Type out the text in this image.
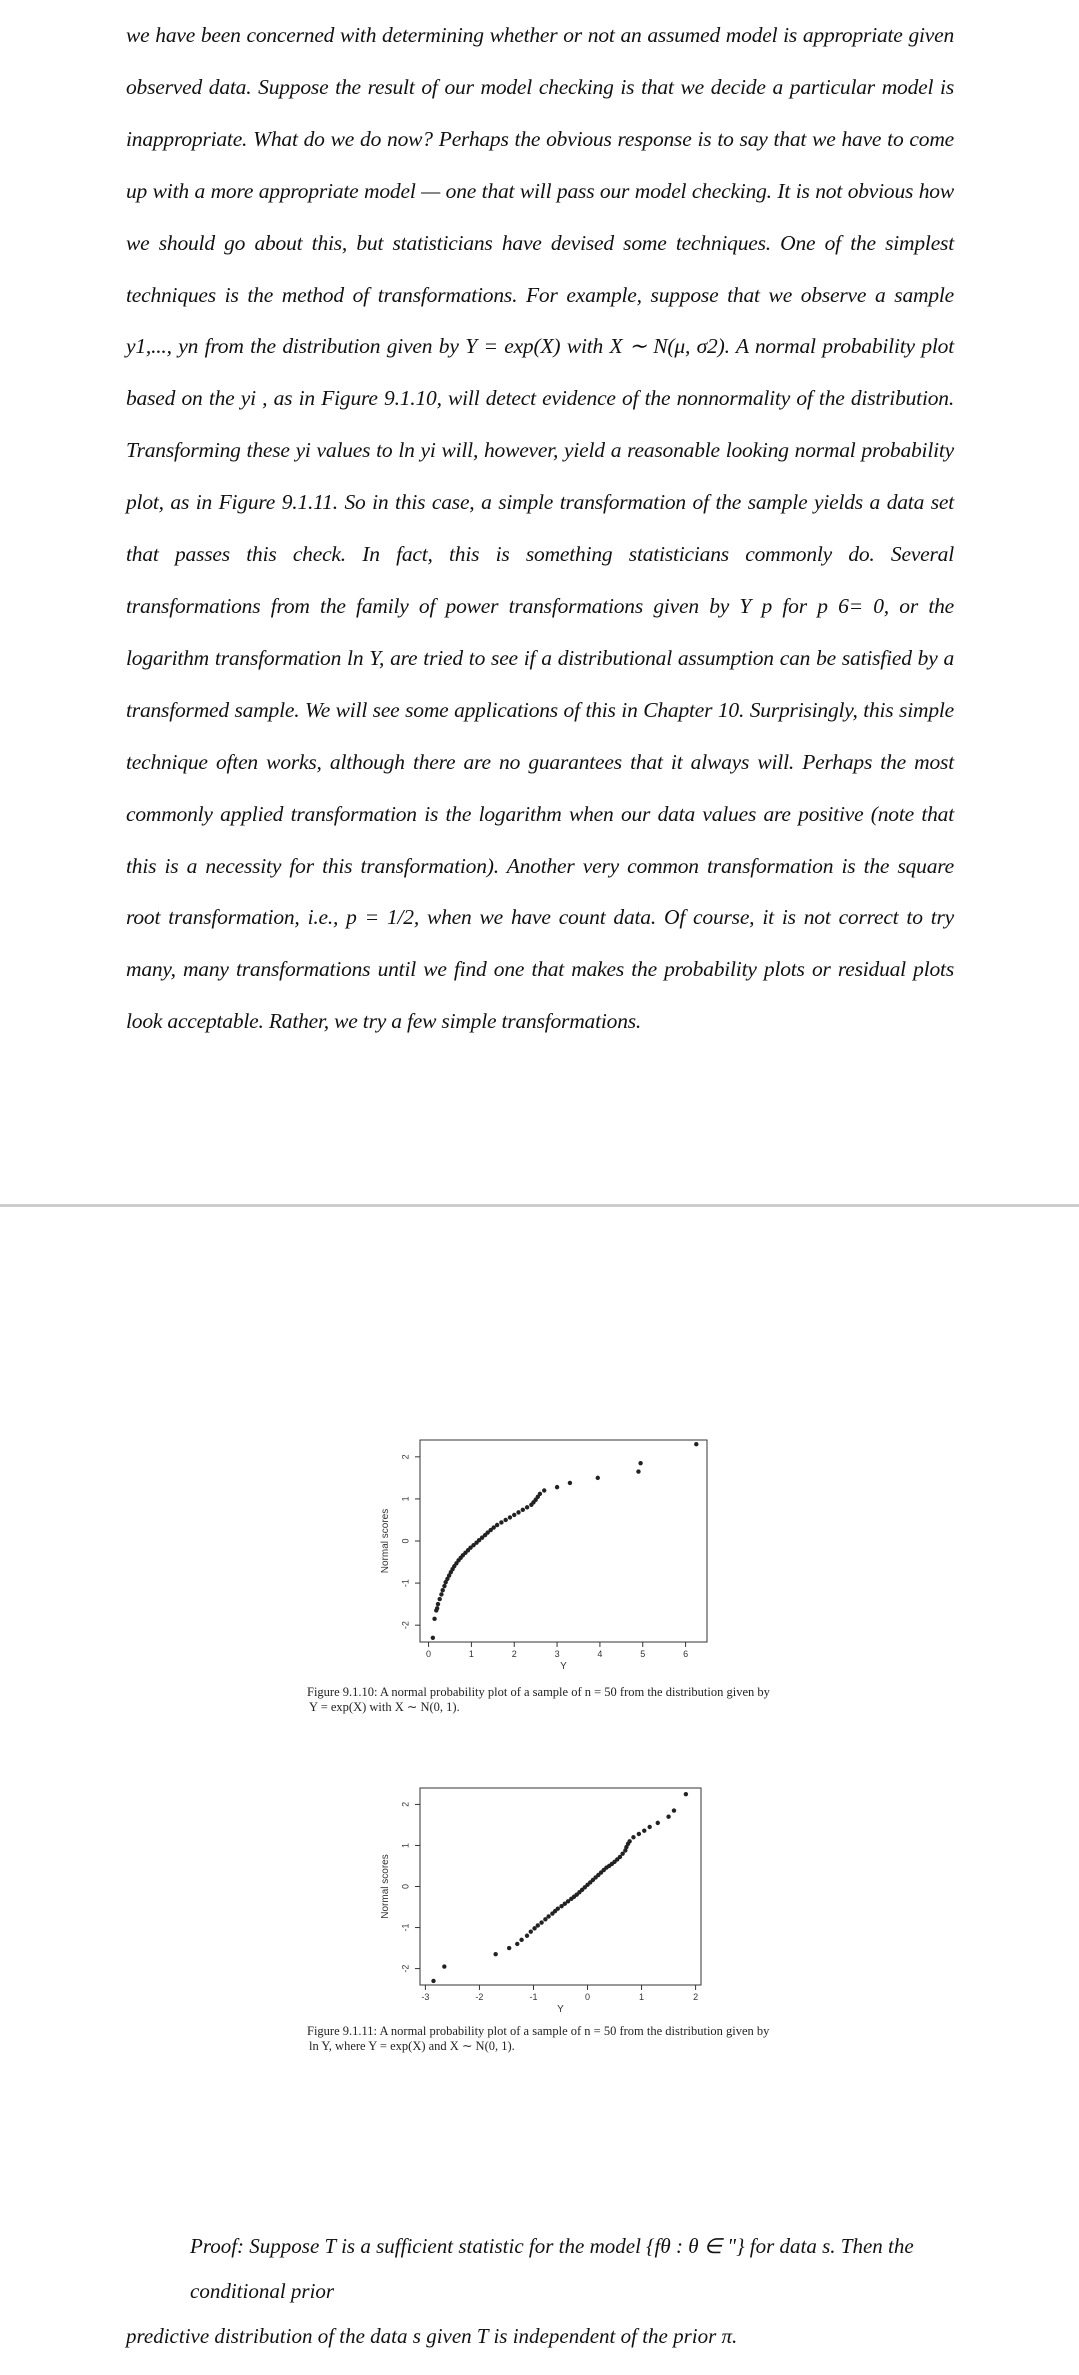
we have been concerned with determining whether or not an assumed model is appropriate given observed data. Suppose the result of our model checking is that we decide a particular model is inappropriate. What do we do now? Perhaps the obvious response is to say that we have to come up with a more appropriate model — one that will pass our model checking. It is not obvious how we should go about this, but statisticians have devised some techniques. One of the simplest techniques is the method of transformations. For example, suppose that we observe a sample y1,..., yn from the distribution given by Y = exp(X) with X ∼ N(μ, σ2). A normal probability plot based on the yi , as in Figure 9.1.10, will detect evidence of the nonnormality of the distribution. Transforming these yi values to ln yi will, however, yield a reasonable looking normal probability plot, as in Figure 9.1.11. So in this case, a simple transformation of the sample yields a data set that passes this check. In fact, this is something statisticians commonly do. Several transformations from the family of power transformations given by Y p for p 6= 0, or the logarithm transformation ln Y, are tried to see if a distributional assumption can be satisfied by a transformed sample. We will see some applications of this in Chapter 10. Surprisingly, this simple technique often works, although there are no guarantees that it always will. Perhaps the most commonly applied transformation is the logarithm when our data values are positive (note that this is a necessity for this transformation). Another very common transformation is the square root transformation, i.e., p = 1/2, when we have count data. Of course, it is not correct to try many, many transformations until we find one that makes the probability plots or residual plots look acceptable. Rather, we try a few simple transformations.

2
1
0
-1
-2
0	1	2	3	4	5	6
Y
Normal scores
Figure 9.1.10: A normal probability plot of a sample of n = 50 from the distribution given by
Y = exp(X) with X ∼ N(0, 1).
2
1
0
-1
-2
-3	-2	-1	0	1	2
Y
Normal scores
Figure 9.1.11: A normal probability plot of a sample of n = 50 from the distribution given by
ln Y, where Y = exp(X) and X ∼ N(0, 1).
Proof: Suppose T is a sufficient statistic for the model {fθ : θ ∈ "} for data s. Then the conditional prior
predictive distribution of the data s given T is independent of the prior π.
